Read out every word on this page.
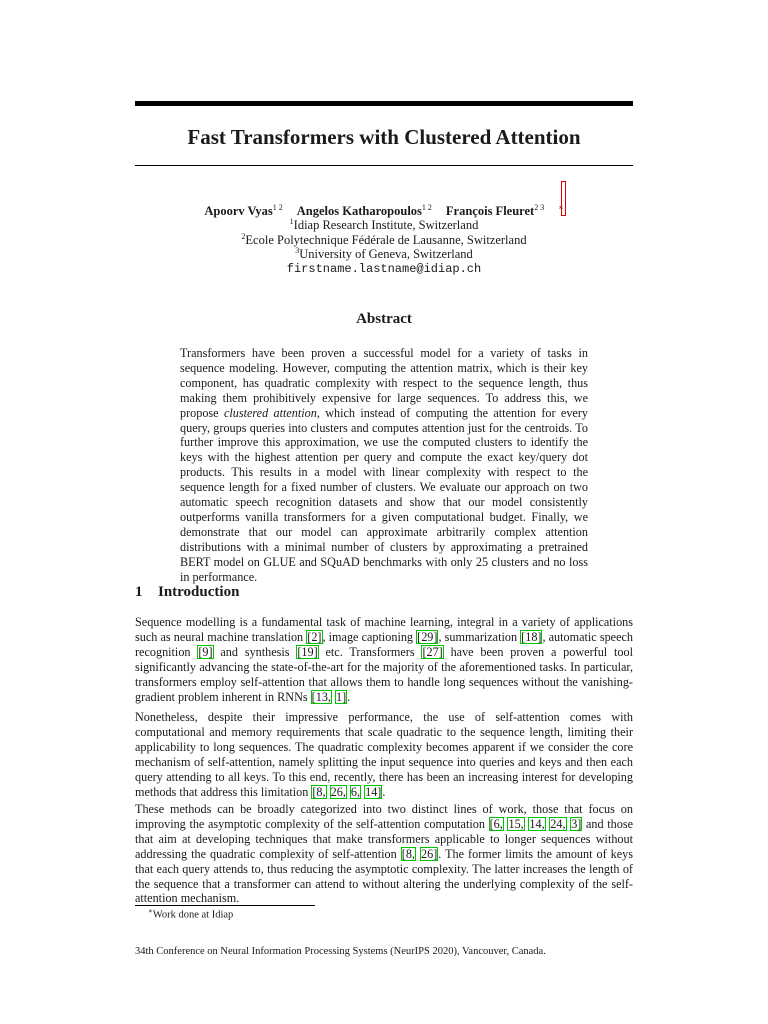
Fast Transformers with Clustered Attention
Apoorv Vyas$^{1 2}$ Angelos Katharopoulos$^{1 2}$ François Fleuret$^{2 3}$ ∗
$^1$Idiap Research Institute, Switzerland
$^2$Ecole Polytechnique Fédérale de Lausanne, Switzerland
$^3$University of Geneva, Switzerland
firstname.lastname@idiap.ch
Abstract
Transformers have been proven a successful model for a variety of tasks in sequence modeling. However, computing the attention matrix, which is their key component, has quadratic complexity with respect to the sequence length, thus making them prohibitively expensive for large sequences. To address this, we propose clustered attention, which instead of computing the attention for every query, groups queries into clusters and computes attention just for the centroids. To further improve this approximation, we use the computed clusters to identify the keys with the highest attention per query and compute the exact key/query dot products. This results in a model with linear complexity with respect to the sequence length for a fixed number of clusters. We evaluate our approach on two automatic speech recognition datasets and show that our model consistently outperforms vanilla transformers for a given computational budget. Finally, we demonstrate that our model can approximate arbitrarily complex attention distributions with a minimal number of clusters by approximating a pretrained BERT model on GLUE and SQuAD benchmarks with only 25 clusters and no loss in performance.
1 Introduction
Sequence modelling is a fundamental task of machine learning, integral in a variety of applications such as neural machine translation [2], image captioning [29], summarization [18], automatic speech recognition [9] and synthesis [19] etc. Transformers [27] have been proven a powerful tool significantly advancing the state-of-the-art for the majority of the aforementioned tasks. In particular, transformers employ self-attention that allows them to handle long sequences without the vanishing-gradient problem inherent in RNNs [13, 1].
Nonetheless, despite their impressive performance, the use of self-attention comes with computational and memory requirements that scale quadratic to the sequence length, limiting their applicability to long sequences. The quadratic complexity becomes apparent if we consider the core mechanism of self-attention, namely splitting the input sequence into queries and keys and then each query attending to all keys. To this end, recently, there has been an increasing interest for developing methods that address this limitation [8, 26, 6, 14].
These methods can be broadly categorized into two distinct lines of work, those that focus on improving the asymptotic complexity of the self-attention computation [6, 15, 14, 24, 3] and those that aim at developing techniques that make transformers applicable to longer sequences without addressing the quadratic complexity of self-attention [8, 26]. The former limits the amount of keys that each query attends to, thus reducing the asymptotic complexity. The latter increases the length of the sequence that a transformer can attend to without altering the underlying complexity of the self-attention mechanism.
∗Work done at Idiap
34th Conference on Neural Information Processing Systems (NeurIPS 2020), Vancouver, Canada.
